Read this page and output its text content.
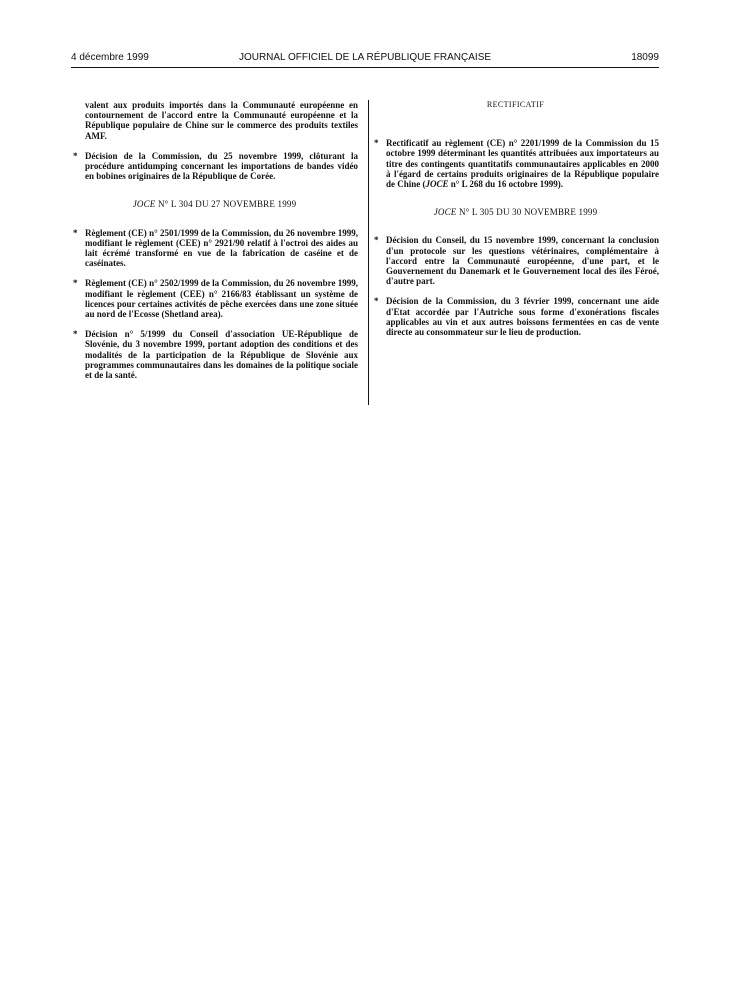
4 décembre 1999	JOURNAL OFFICIEL DE LA RÉPUBLIQUE FRANÇAISE	18099

valent aux produits importés dans la Communauté européenne en contournement de l'accord entre la Communauté européenne et la République populaire de Chine sur le commerce des produits textiles AMF.

* Décision de la Commission, du 25 novembre 1999, clôturant la procédure antidumping concernant les importations de bandes vidéo en bobines originaires de la République de Corée.

JOCE N° L 304 DU 27 NOVEMBRE 1999

* Règlement (CE) n° 2501/1999 de la Commission, du 26 novembre 1999, modifiant le règlement (CEE) n° 2921/90 relatif à l'octroi des aides au lait écrémé transformé en vue de la fabrication de caséine et de caséinates.

* Règlement (CE) n° 2502/1999 de la Commission, du 26 novembre 1999, modifiant le règlement (CEE) n° 2166/83 établissant un système de licences pour certaines activités de pêche exercées dans une zone située au nord de l'Ecosse (Shetland area).

* Décision n° 5/1999 du Conseil d'association UE-République de Slovénie, du 3 novembre 1999, portant adoption des conditions et des modalités de la participation de la République de Slovénie aux programmes communautaires dans les domaines de la politique sociale et de la santé.

RECTIFICATIF

* Rectificatif au règlement (CE) n° 2201/1999 de la Commission du 15 octobre 1999 déterminant les quantités attribuées aux importateurs au titre des contingents quantitatifs communautaires applicables en 2000 à l'égard de certains produits originaires de la République populaire de Chine (JOCE n° L 268 du 16 octobre 1999).

JOCE N° L 305 DU 30 NOVEMBRE 1999

* Décision du Conseil, du 15 novembre 1999, concernant la conclusion d'un protocole sur les questions vétérinaires, complémentaire à l'accord entre la Communauté européenne, d'une part, et le Gouvernement du Danemark et le Gouvernement local des îles Féroé, d'autre part.

* Décision de la Commission, du 3 février 1999, concernant une aide d'Etat accordée par l'Autriche sous forme d'exonérations fiscales applicables au vin et aux autres boissons fermentées en cas de vente directe au consommateur sur le lieu de production.
